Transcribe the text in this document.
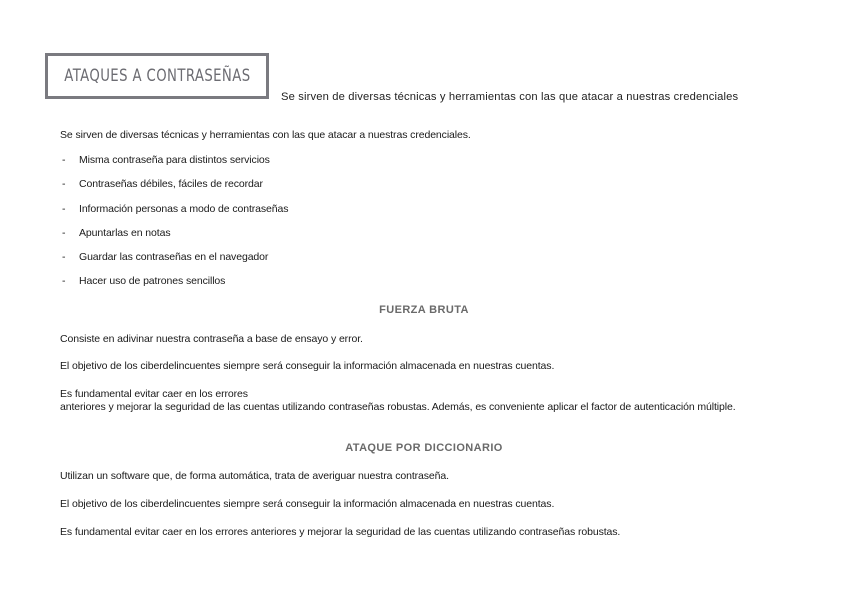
ATAQUES A CONTRASEÑAS
Se sirven de diversas técnicas y herramientas con las que atacar a nuestras credenciales
Se sirven de diversas técnicas y herramientas con las que atacar a nuestras credenciales.
- Misma contraseña para distintos servicios
- Contraseñas débiles, fáciles de recordar
- Información personas a modo de contraseñas
- Apuntarlas en notas
- Guardar las contraseñas en el navegador
- Hacer uso de patrones sencillos
FUERZA BRUTA
Consiste en adivinar nuestra contraseña a base de ensayo y error.
El objetivo de los ciberdelincuentes siempre será conseguir la información almacenada en nuestras cuentas.
Es fundamental evitar caer en los errores
anteriores y mejorar la seguridad de las cuentas utilizando contraseñas robustas. Además, es conveniente aplicar el factor de autenticación múltiple.
ATAQUE POR DICCIONARIO
Utilizan un software que, de forma automática, trata de averiguar nuestra contraseña.
El objetivo de los ciberdelincuentes siempre será conseguir la información almacenada en nuestras cuentas.
Es fundamental evitar caer en los errores anteriores y mejorar la seguridad de las cuentas utilizando contraseñas robustas.
